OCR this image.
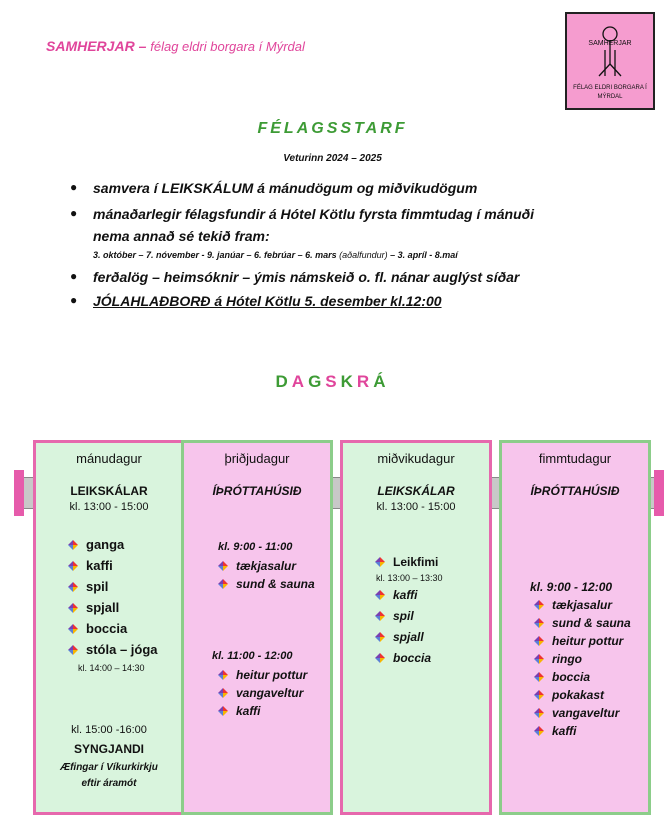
SAMHERJAR – félag eldri borgara í Mýrdal	SAMHERJAR
FÉLAG ELDRI BORGARA Í
MÝRDAL
FÉLAGSSTARF
Veturinn 2024 – 2025
● samvera í LEIKSKÁLUM á mánudögum og miðvikudögum
● mánaðarlegir félagsfundir á Hótel Kötlu fyrsta fimmtudag í mánuði
nema annað sé tekið fram:
● ferðalög – heimsóknir – ýmis námskeið o. fl. nánar auglýst síðar
● JÓLAHLAÐBORÐ á Hótel Kötlu 5. desember kl.12:00
3. október – 7. nóvember - 9. janúar – 6. febrúar – 6. mars (aðalfundur) – 3. apríl - 8.maí
DAGSKRÁ
mánudagur
LEIKSKÁLAR
kl. 13:00 - 15:00
ganga
kaffi
spil
spjall
boccia
stóla – jóga
kl. 14:00 – 14:30
kl. 15:00 -16:00
SYNGJANDI
Æfingar í Víkurkirkju
eftir áramót
þriðjudagur
ÍÞRÓTTAHÚSIÐ
kl. 9:00 - 11:00
tækjasalur
sund & sauna
kl. 11:00 - 12:00
heitur pottur
vangaveltur
kaffi
miðvikudagur
LEIKSKÁLAR
kl. 13:00 - 15:00
Leikfimi
kl. 13:00 – 13:30
kaffi
spil
spjall
boccia
fimmtudagur
ÍÞRÓTTAHÚSIÐ
kl. 9:00 - 12:00
tækjasalur
sund & sauna
heitur pottur
ringo
boccia
pokakast
vangaveltur
kaffi
